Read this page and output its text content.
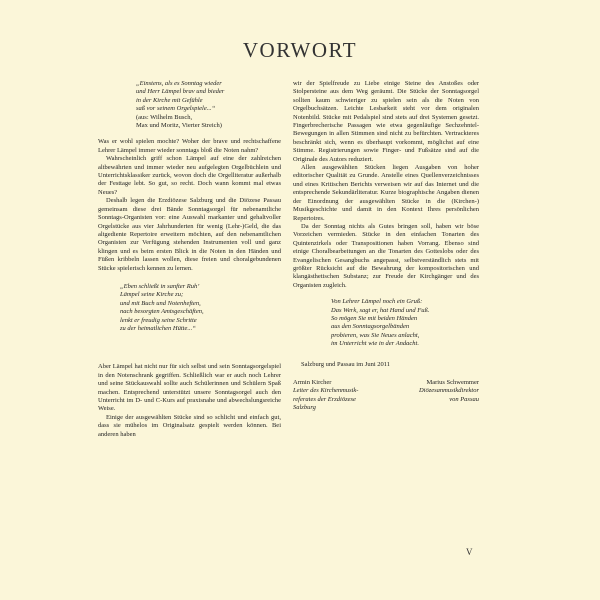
VORWORT
„Einstens, als es Sonntag wieder
und Herr Lämpel brav und bieder
in der Kirche mit Gefühle
saß vor seinem Orgelspiele...“
(aus: Wilhelm Busch,
Max und Moritz, Vierter Streich)

Was er wohl spielen mochte? Woher der brave und rechtschaffene Lehrer Lämpel immer wieder sonntags bloß die Noten nahm?

Wahrscheinlich griff schon Lämpel auf eine der zahlreichen altbewährten und immer wieder neu aufgelegten Orgelbüchlein und Unterrichtsklassiker zurück, wovon doch die Orgelliteratur außerhalb der Festtage lebt. So gut, so recht. Doch wann kommt mal etwas Neues?

Deshalb legen die Erzdiözese Salzburg und die Diözese Passau gemeinsam diese drei Bände Sonntagsorgel für nebenamtliche Sonntags-Organisten vor: eine Auswahl markanter und gehaltvoller Orgelstücke aus vier Jahrhunderten für wenig (Lehr-)Geld, die das altgediente Repertoire erweitern möchten, auf den nebenamtlichen Organisten zur Verfügung stehenden Instrumenten voll und ganz klingen und es beim ersten Blick in die Noten in den Händen und Füßen kribbeln lassen wollen, diese freien und choralgebundenen Stücke spielerisch kennen zu lernen.

„Eben schließt in sanfter Ruh’
Lämpel seine Kirche zu;
und mit Buch und Notenheften,
nach besorgten Amtsgeschäften,
lenkt er freudig seine Schritte
zu der heimatlichen Hütte...“

Aber Lämpel hat nicht nur für sich selbst und sein Sonntagsorgelspiel in den Notenschrank gegriffen. Schließlich war er auch noch Lehrer und seine Stückauswahl sollte auch Schülerinnen und Schülern Spaß machen. Entsprechend unterstützt unsere Sonntagsorgel auch den Unterricht im D- und C-Kurs auf praxisnahe und abwechslungsreiche Weise.

Einige der ausgewählten Stücke sind so schlicht und einfach gut, dass sie mühelos im Originalsatz gespielt werden können. Bei anderen haben

wir der Spielfreude zu Liebe einige Steine des Anstoßes oder Stolpersteine aus dem Weg geräumt. Die Stücke der Sonntagsorgel sollten kaum schwieriger zu spielen sein als die Noten von Orgelbuchsätzen. Leichte Lesbarkeit steht vor dem originalen Notenbild. Stücke mit Pedalspiel sind stets auf drei Systemen gesetzt. Fingerbrecherische Passagen wie etwa gegenläufige Sechzehntel-Bewegungen in allen Stimmen sind nicht zu befürchten. Vertrackteres beschränkt sich, wenn es überhaupt vorkommt, möglichst auf eine Stimme. Registrierungen sowie Finger- und Fußsätze sind auf die Originale des Autors reduziert.

Allen ausgewählten Stücken liegen Ausgaben von hoher editorischer Qualität zu Grunde. Anstelle eines Quellenverzeichnisses und eines Kritischen Berichts verweisen wir auf das Internet und die entsprechende Sekundärliteratur. Kurze biographische Angaben dienen der Einordnung der ausgewählten Stücke in die (Kirchen-) Musikgeschichte und damit in den Kontext Ihres persönlichen Repertoires.

Da der Sonntag nichts als Gutes bringen soll, haben wir böse Vorzeichen vermieden. Stücke in den einfachen Tonarten des Quintenzirkels oder Transpositionen haben Vorrang. Ebenso sind einige Choralbearbeitungen an die Tonarten des Gotteslobs oder des Evangelischen Gesangbuchs angepasst, selbstverständlich stets mit größter Rücksicht auf die Bewahrung der kompositorischen und klangästhetischen Substanz; zur Freude der Kirchgänger und des Organisten zugleich.

Von Lehrer Lämpel noch ein Gruß:
Das Werk, sagt er, hat Hand und Fuß.
So mögen Sie mit beiden Händen
aus den Sonntagsorgelbänden
probieren, was Sie Neues anlacht,
im Unterricht wie in der Andacht.

Salzburg und Passau im Juni 2011

Armin Kircher
Leiter des Kirchenmusik-
referates der Erzdiözese
Salzburg
Marius Schwemmer
Diözesanmusikdirektor
von Passau
V
